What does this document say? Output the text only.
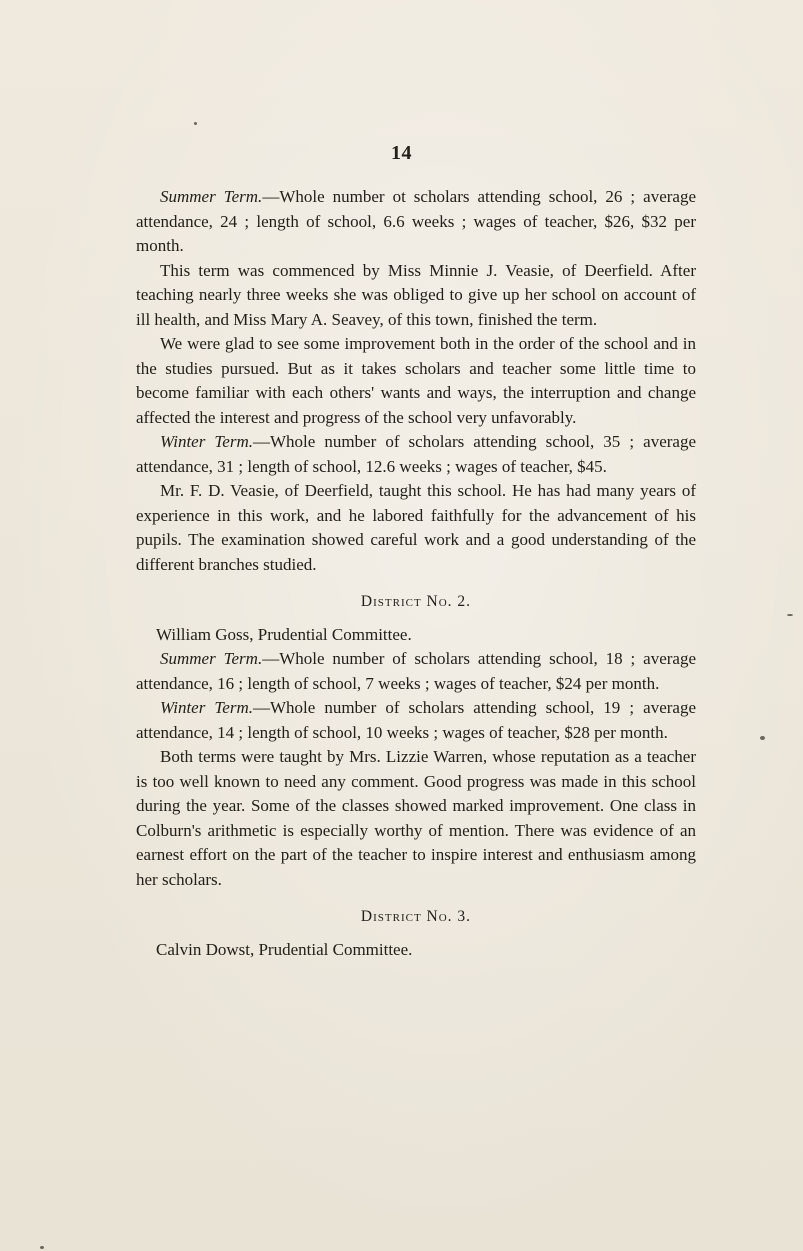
14

Summer Term.—Whole number ot scholars attending school, 26 ; average attendance, 24 ; length of school, 6.6 weeks ; wages of teacher, $26, $32 per month.

This term was commenced by Miss Minnie J. Veasie, of Deerfield. After teaching nearly three weeks she was obliged to give up her school on account of ill health, and Miss Mary A. Seavey, of this town, finished the term.

We were glad to see some improvement both in the order of the school and in the studies pursued. But as it takes scholars and teacher some little time to become familiar with each others' wants and ways, the interruption and change affected the interest and progress of the school very unfavorably.

Winter Term.—Whole number of scholars attending school, 35 ; average attendance, 31 ; length of school, 12.6 weeks ; wages of teacher, $45.

Mr. F. D. Veasie, of Deerfield, taught this school. He has had many years of experience in this work, and he labored faithfully for the advancement of his pupils. The examination showed careful work and a good understanding of the different branches studied.

District No. 2.

William Goss, Prudential Committee.

Summer Term.—Whole number of scholars attending school, 18 ; average attendance, 16 ; length of school, 7 weeks ; wages of teacher, $24 per month.

Winter Term.—Whole number of scholars attending school, 19 ; average attendance, 14 ; length of school, 10 weeks ; wages of teacher, $28 per month.

Both terms were taught by Mrs. Lizzie Warren, whose reputation as a teacher is too well known to need any comment. Good progress was made in this school during the year. Some of the classes showed marked improvement. One class in Colburn's arithmetic is especially worthy of mention. There was evidence of an earnest effort on the part of the teacher to inspire interest and enthusiasm among her scholars.

District No. 3.

Calvin Dowst, Prudential Committee.
